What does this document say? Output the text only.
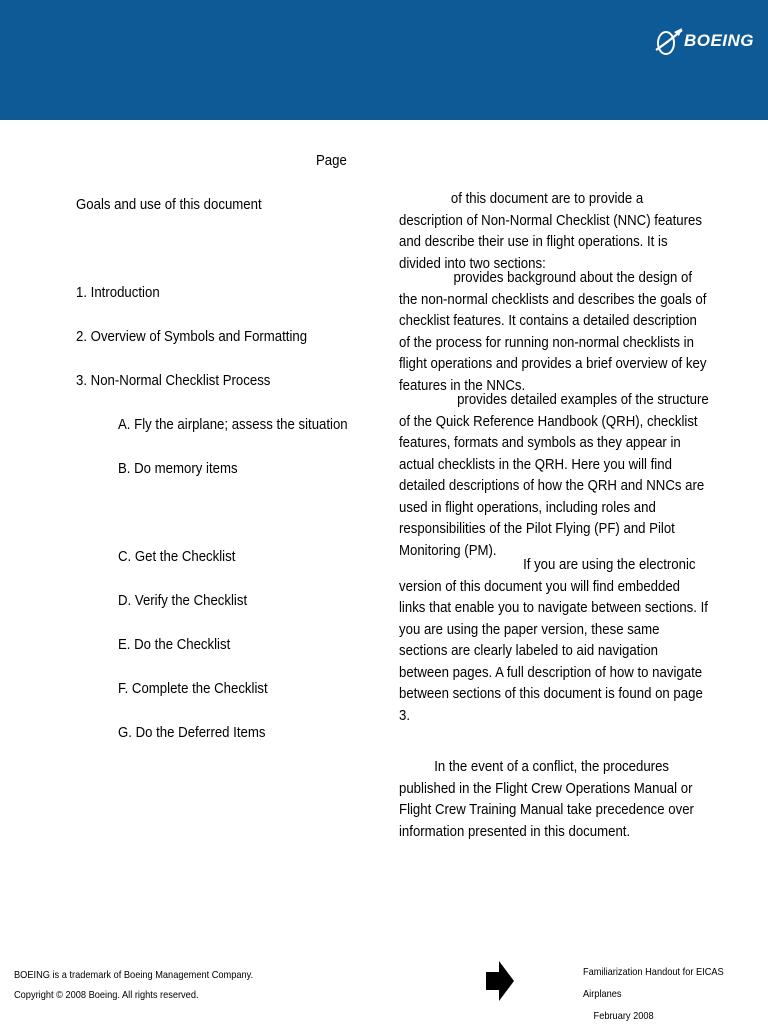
BOEING
Page
Goals and use of this document
1. Introduction
2. Overview of Symbols and Formatting
3. Non-Normal Checklist Process
A. Fly the airplane; assess the situation
B. Do memory items
C. Get the Checklist
D. Verify the Checklist
E. Do the Checklist
F. Complete the Checklist
G. Do the Deferred Items
of this document are to provide a description of Non-Normal Checklist (NNC) features and describe their use in flight operations. It is divided into two sections:
provides background about the design of the non-normal checklists and describes the goals of checklist features. It contains a detailed description of the process for running non-normal checklists in flight operations and provides a brief overview of key features in the NNCs.
provides detailed examples of the structure of the Quick Reference Handbook (QRH), checklist features, formats and symbols as they appear in actual checklists in the QRH. Here you will find detailed descriptions of how the QRH and NNCs are used in flight operations, including roles and responsibilities of the Pilot Flying (PF) and Pilot Monitoring (PM).
If you are using the electronic version of this document you will find embedded links that enable you to navigate between sections. If you are using the paper version, these same sections are clearly labeled to aid navigation between pages. A full description of how to navigate between sections of this document is found on page 3.
In the event of a conflict, the procedures published in the Flight Crew Operations Manual or Flight Crew Training Manual take precedence over information presented in this document.
BOEING is a trademark of Boeing Management Company.
Copyright © 2008 Boeing. All rights reserved.
Familiarization Handout for EICAS Airplanes
February 2008
